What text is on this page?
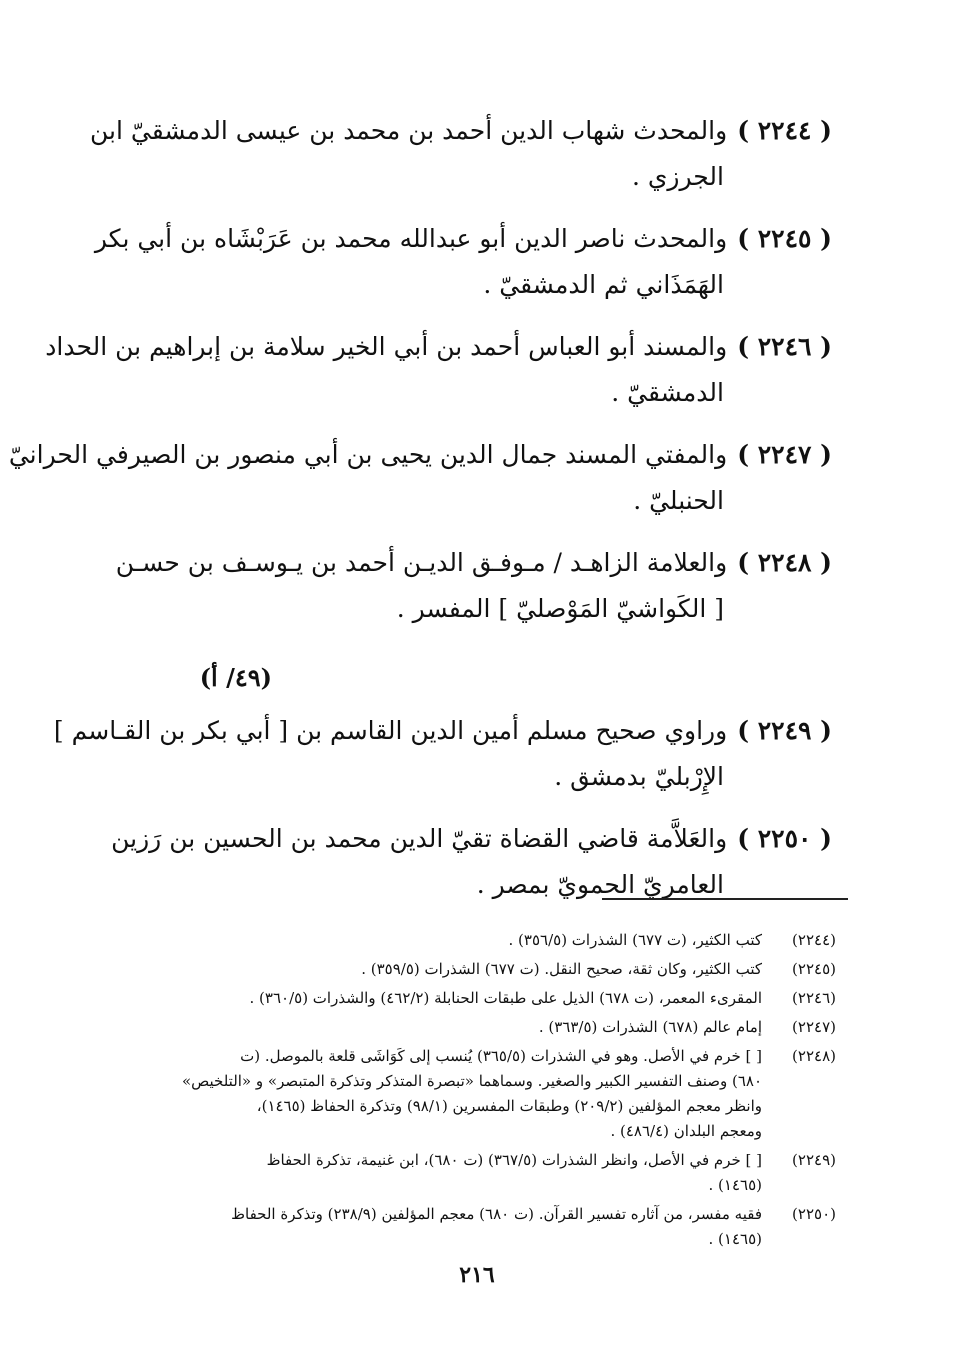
( ٢٢٤٤ )
والمحدث شهاب الدين أحمد بن محمد بن عيسى الدمشقيّ ابن
الجرزي .
( ٢٢٤٥ )
والمحدث ناصر الدين أبو عبدالله محمد بن عَرَبْشَاه بن أبي بكر
الهَمَذَاني ثم الدمشقيّ .
( ٢٢٤٦ )
والمسند أبو العباس أحمد بن أبي الخير سلامة بن إبراهيم بن الحداد
الدمشقيّ .
( ٢٢٤٧ )
والمفتي المسند جمال الدين يحيى بن أبي منصور بن الصيرفي الحرانيّ
الحنبليّ .
( ٢٢٤٨ )
والعلامة الزاهـد / مـوفـق الديـن أحمد بن يـوسـف بن حسـن
[ الكَواشيّ المَوْصليّ ] المفسر .
(٤٩/ أ)
( ٢٢٤٩ )
وراوي صحيح مسلم أمين الدين القاسم بن [ أبي بكر بن القـاسم ]
الإِرْبليّ بدمشق .
( ٢٢٥٠ )
والعَلاَّمة قاضي القضاة تقيّ الدين محمد بن الحسين بن رَزين
العامريّ الحمويّ بمصر .
(٢٢٤٤)
كتب الكثير، (ت ٦٧٧) الشذرات (٣٥٦/٥) .
(٢٢٤٥)
كتب الكثير، وكان ثقة، صحيح النقل. (ت ٦٧٧) الشذرات (٣٥٩/٥) .
(٢٢٤٦)
المقرىء المعمر، (ت ٦٧٨) الذيل على طبقات الحنابلة (٤٦٢/٢) والشذرات (٣٦٠/٥) .
(٢٢٤٧)
إمام عالم (٦٧٨) الشذرات (٣٦٣/٥) .
(٢٢٤٨)
[ ] خرم في الأصل. وهو في الشذرات (٣٦٥/٥) يُنسب إلى كَوَاشَى قلعة بالموصل. (ت
٦٨٠) وصنف التفسير الكبير والصغير. وسماهما «تبصرة المتذكر وتذكرة المتبصر» و «التلخيص»
وانظر معجم المؤلفين (٢٠٩/٢) وطبقات المفسرين (٩٨/١) وتذكرة الحفاظ (١٤٦٥)،
ومعجم البلدان (٤٨٦/٤) .
(٢٢٤٩)
[ ] خرم في الأصل، وانظر الشذرات (٣٦٧/٥) (ت ٦٨٠)، ابن غنيمة، تذكرة الحفاظ
(١٤٦٥) .
(٢٢٥٠)
فقيه مفسر، من آثاره تفسير القرآن. (ت ٦٨٠) معجم المؤلفين (٢٣٨/٩) وتذكرة الحفاظ
(١٤٦٥) .
٢١٦
